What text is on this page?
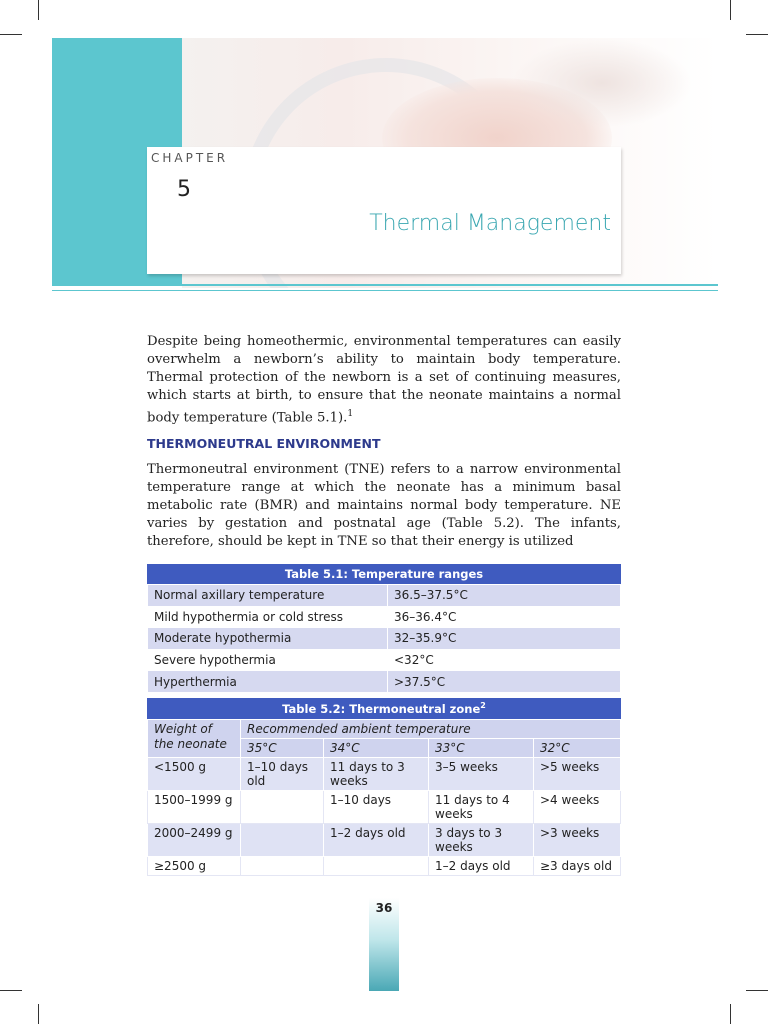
CHAPTER
5
Thermal Management

Despite being homeothermic, environmental temperatures can easily overwhelm a newborn’s ability to maintain body temperature. Thermal protection of the newborn is a set of continuing measures, which starts at birth, to ensure that the neonate maintains a normal body temperature (Table 5.1).$^1$

THERMONEUTRAL ENVIRONMENT

Thermoneutral environment (TNE) refers to a narrow environmental temperature range at which the neonate has a minimum basal metabolic rate (BMR) and maintains normal body temperature. NE varies by gestation and postnatal age (Table 5.2). The infants, therefore, should be kept in TNE so that their energy is utilized

Table 5.1: Temperature ranges
Normal axillary temperature	36.5–37.5°C
Mild hypothermia or cold stress	36–36.4°C
Moderate hypothermia	32–35.9°C
Severe hypothermia	<32°C
Hyperthermia	>37.5°C
Table 5.2: Thermoneutral zone$^2$
Weight of the neonate	Recommended ambient temperature			
	35°C	34°C	33°C	32°C
<1500 g	1–10 days old	11 days to 3 weeks	3–5 weeks	>5 weeks
1500–1999 g		1–10 days	11 days to 4 weeks	>4 weeks
2000–2499 g		1–2 days old	3 days to 3 weeks	>3 weeks
≥2500 g			1–2 days old	≥3 days old
36
